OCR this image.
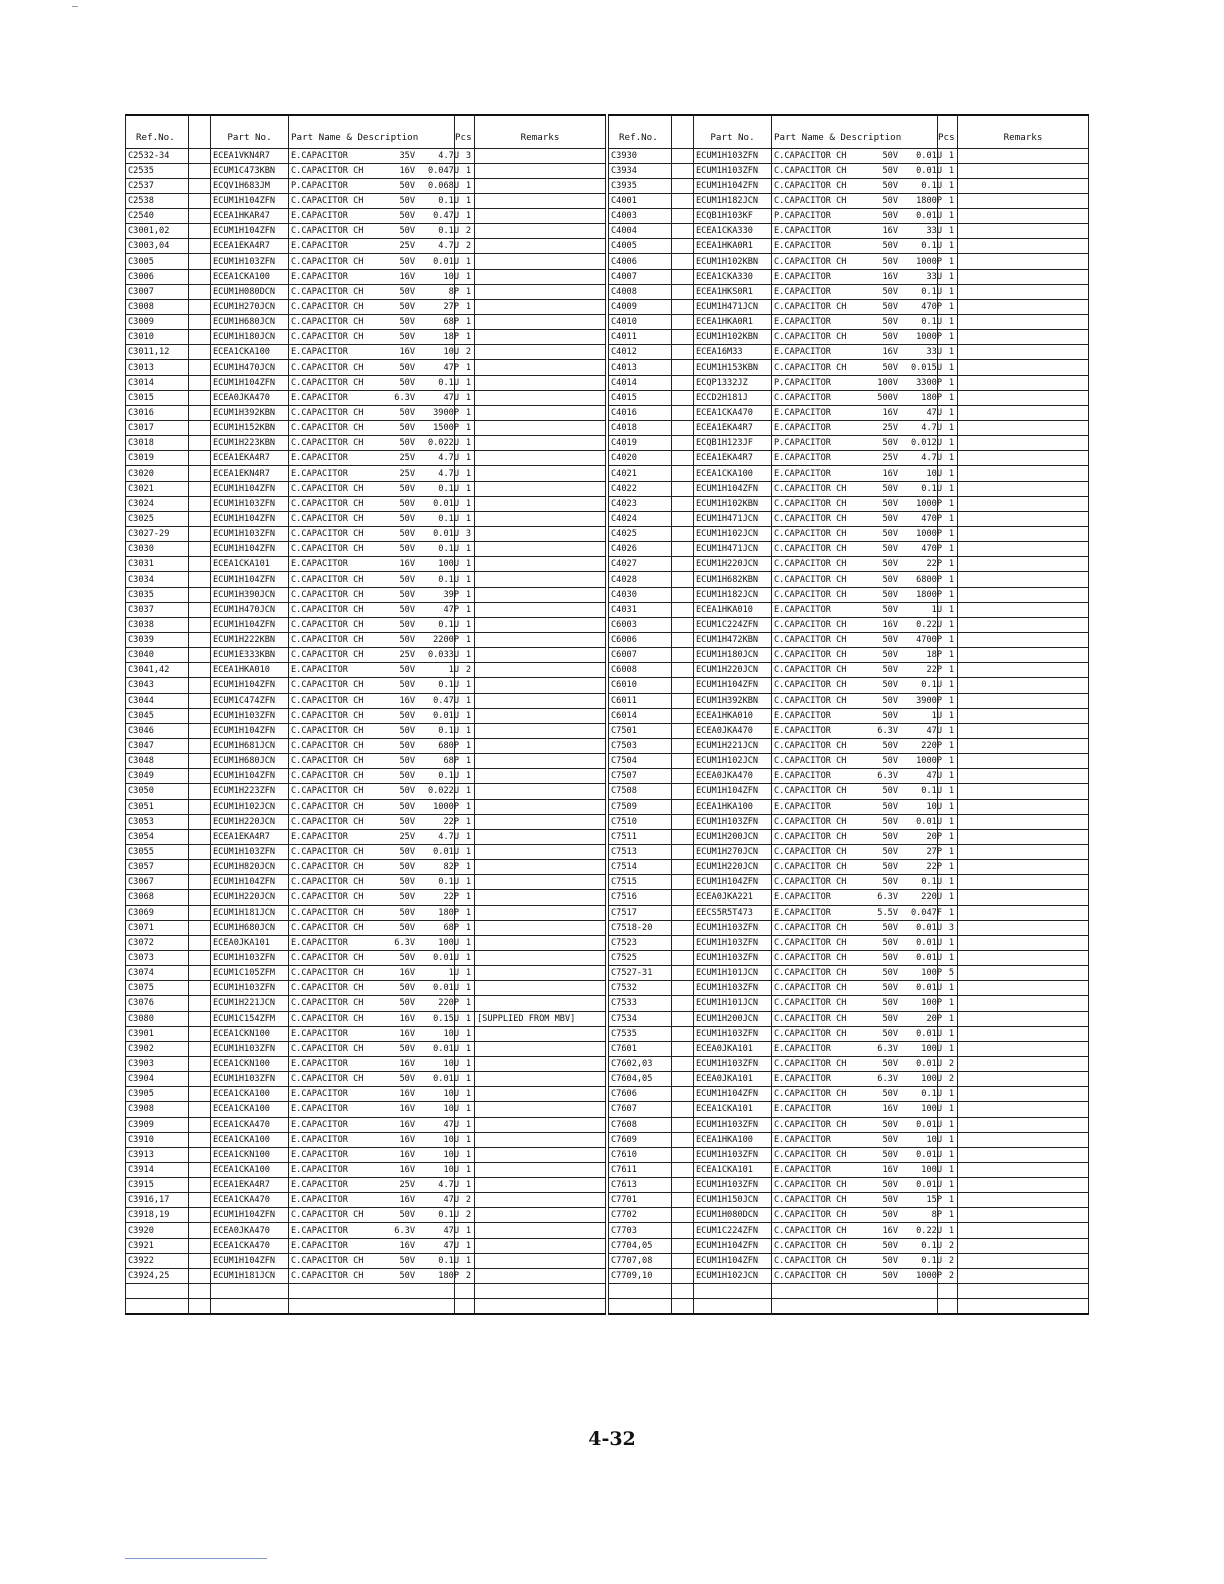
Ref.No.		Part No.	Part Name & Description	Pcs	Remarks
C2532-34		ECEA1VKN4R7	E.CAPACITOR 35V 4.7U	3	
C2535		ECUM1C473KBN	C.CAPACITOR CH 16V 0.047U	1	
C2537		ECQV1H683JM	P.CAPACITOR 50V 0.068U	1	
C2538		ECUM1H104ZFN	C.CAPACITOR CH 50V 0.1U	1	
C2540		ECEA1HKAR47	E.CAPACITOR 50V 0.47U	1	
C3001,02		ECUM1H104ZFN	C.CAPACITOR CH 50V 0.1U	2	
C3003,04		ECEA1EKA4R7	E.CAPACITOR 25V 4.7U	2	
C3005		ECUM1H103ZFN	C.CAPACITOR CH 50V 0.01U	1	
C3006		ECEA1CKA100	E.CAPACITOR 16V 10U	1	
C3007		ECUM1H080DCN	C.CAPACITOR CH 50V 8P	1	
C3008		ECUM1H270JCN	C.CAPACITOR CH 50V 27P	1	
C3009		ECUM1H680JCN	C.CAPACITOR CH 50V 68P	1	
C3010		ECUM1H180JCN	C.CAPACITOR CH 50V 18P	1	
C3011,12		ECEA1CKA100	E.CAPACITOR 16V 10U	2	
C3013		ECUM1H470JCN	C.CAPACITOR CH 50V 47P	1	
C3014		ECUM1H104ZFN	C.CAPACITOR CH 50V 0.1U	1	
C3015		ECEA0JKA470	E.CAPACITOR 6.3V 47U	1	
C3016		ECUM1H392KBN	C.CAPACITOR CH 50V 3900P	1	
C3017		ECUM1H152KBN	C.CAPACITOR CH 50V 1500P	1	
C3018		ECUM1H223KBN	C.CAPACITOR CH 50V 0.022U	1	
C3019		ECEA1EKA4R7	E.CAPACITOR 25V 4.7U	1	
C3020		ECEA1EKN4R7	E.CAPACITOR 25V 4.7U	1	
C3021		ECUM1H104ZFN	C.CAPACITOR CH 50V 0.1U	1	
C3024		ECUM1H103ZFN	C.CAPACITOR CH 50V 0.01U	1	
C3025		ECUM1H104ZFN	C.CAPACITOR CH 50V 0.1U	1	
C3027-29		ECUM1H103ZFN	C.CAPACITOR CH 50V 0.01U	3	
C3030		ECUM1H104ZFN	C.CAPACITOR CH 50V 0.1U	1	
C3031		ECEA1CKA101	E.CAPACITOR 16V 100U	1	
C3034		ECUM1H104ZFN	C.CAPACITOR CH 50V 0.1U	1	
C3035		ECUM1H390JCN	C.CAPACITOR CH 50V 39P	1	
C3037		ECUM1H470JCN	C.CAPACITOR CH 50V 47P	1	
C3038		ECUM1H104ZFN	C.CAPACITOR CH 50V 0.1U	1	
C3039		ECUM1H222KBN	C.CAPACITOR CH 50V 2200P	1	
C3040		ECUM1E333KBN	C.CAPACITOR CH 25V 0.033U	1	
C3041,42		ECEA1HKA010	E.CAPACITOR 50V 1U	2	
C3043		ECUM1H104ZFN	C.CAPACITOR CH 50V 0.1U	1	
C3044		ECUM1C474ZFN	C.CAPACITOR CH 16V 0.47U	1	
C3045		ECUM1H103ZFN	C.CAPACITOR CH 50V 0.01U	1	
C3046		ECUM1H104ZFN	C.CAPACITOR CH 50V 0.1U	1	
C3047		ECUM1H681JCN	C.CAPACITOR CH 50V 680P	1	
C3048		ECUM1H680JCN	C.CAPACITOR CH 50V 68P	1	
C3049		ECUM1H104ZFN	C.CAPACITOR CH 50V 0.1U	1	
C3050		ECUM1H223ZFN	C.CAPACITOR CH 50V 0.022U	1	
C3051		ECUM1H102JCN	C.CAPACITOR CH 50V 1000P	1	
C3053		ECUM1H220JCN	C.CAPACITOR CH 50V 22P	1	
C3054		ECEA1EKA4R7	E.CAPACITOR 25V 4.7U	1	
C3055		ECUM1H103ZFN	C.CAPACITOR CH 50V 0.01U	1	
C3057		ECUM1H820JCN	C.CAPACITOR CH 50V 82P	1	
C3067		ECUM1H104ZFN	C.CAPACITOR CH 50V 0.1U	1	
C3068		ECUM1H220JCN	C.CAPACITOR CH 50V 22P	1	
C3069		ECUM1H181JCN	C.CAPACITOR CH 50V 180P	1	
C3071		ECUM1H680JCN	C.CAPACITOR CH 50V 68P	1	
C3072		ECEA0JKA101	E.CAPACITOR 6.3V 100U	1	
C3073		ECUM1H103ZFN	C.CAPACITOR CH 50V 0.01U	1	
C3074		ECUM1C105ZFM	C.CAPACITOR CH 16V 1U	1	
C3075		ECUM1H103ZFN	C.CAPACITOR CH 50V 0.01U	1	
C3076		ECUM1H221JCN	C.CAPACITOR CH 50V 220P	1	
C3080		ECUM1C154ZFM	C.CAPACITOR CH 16V 0.15U	1	[SUPPLIED FROM MBV]
C3901		ECEA1CKN100	E.CAPACITOR 16V 10U	1	
C3902		ECUM1H103ZFN	C.CAPACITOR CH 50V 0.01U	1	
C3903		ECEA1CKN100	E.CAPACITOR 16V 10U	1	
C3904		ECUM1H103ZFN	C.CAPACITOR CH 50V 0.01U	1	
C3905		ECEA1CKA100	E.CAPACITOR 16V 10U	1	
C3908		ECEA1CKA100	E.CAPACITOR 16V 10U	1	
C3909		ECEA1CKA470	E.CAPACITOR 16V 47U	1	
C3910		ECEA1CKA100	E.CAPACITOR 16V 10U	1	
C3913		ECEA1CKN100	E.CAPACITOR 16V 10U	1	
C3914		ECEA1CKA100	E.CAPACITOR 16V 10U	1	
C3915		ECEA1EKA4R7	E.CAPACITOR 25V 4.7U	1	
C3916,17		ECEA1CKA470	E.CAPACITOR 16V 47U	2	
C3918,19		ECUM1H104ZFN	C.CAPACITOR CH 50V 0.1U	2	
C3920		ECEA0JKA470	E.CAPACITOR 6.3V 47U	1	
C3921		ECEA1CKA470	E.CAPACITOR 16V 47U	1	
C3922		ECUM1H104ZFN	C.CAPACITOR CH 50V 0.1U	1	
C3924,25		ECUM1H181JCN	C.CAPACITOR CH 50V 180P	2	

Ref.No.		Part No.	Part Name & Description	Pcs	Remarks
C3930		ECUM1H103ZFN	C.CAPACITOR CH 50V 0.01U	1	
C3934		ECUM1H103ZFN	C.CAPACITOR CH 50V 0.01U	1	
C3935		ECUM1H104ZFN	C.CAPACITOR CH 50V 0.1U	1	
C4001		ECUM1H182JCN	C.CAPACITOR CH 50V 1800P	1	
C4003		ECQB1H103KF	P.CAPACITOR 50V 0.01U	1	
C4004		ECEA1CKA330	E.CAPACITOR 16V 33U	1	
C4005		ECEA1HKA0R1	E.CAPACITOR 50V 0.1U	1	
C4006		ECUM1H102KBN	C.CAPACITOR CH 50V 1000P	1	
C4007		ECEA1CKA330	E.CAPACITOR 16V 33U	1	
C4008		ECEA1HKS0R1	E.CAPACITOR 50V 0.1U	1	
C4009		ECUM1H471JCN	C.CAPACITOR CH 50V 470P	1	
C4010		ECEA1HKA0R1	E.CAPACITOR 50V 0.1U	1	
C4011		ECUM1H102KBN	C.CAPACITOR CH 50V 1000P	1	
C4012		ECEA16M33	E.CAPACITOR 16V 33U	1	
C4013		ECUM1H153KBN	C.CAPACITOR CH 50V 0.015U	1	
C4014		ECQP1332JZ	P.CAPACITOR 100V 3300P	1	
C4015		ECCD2H181J	C.CAPACITOR 500V 180P	1	
C4016		ECEA1CKA470	E.CAPACITOR 16V 47U	1	
C4018		ECEA1EKA4R7	E.CAPACITOR 25V 4.7U	1	
C4019		ECQB1H123JF	P.CAPACITOR 50V 0.012U	1	
C4020		ECEA1EKA4R7	E.CAPACITOR 25V 4.7U	1	
C4021		ECEA1CKA100	E.CAPACITOR 16V 10U	1	
C4022		ECUM1H104ZFN	C.CAPACITOR CH 50V 0.1U	1	
C4023		ECUM1H102KBN	C.CAPACITOR CH 50V 1000P	1	
C4024		ECUM1H471JCN	C.CAPACITOR CH 50V 470P	1	
C4025		ECUM1H102JCN	C.CAPACITOR CH 50V 1000P	1	
C4026		ECUM1H471JCN	C.CAPACITOR CH 50V 470P	1	
C4027		ECUM1H220JCN	C.CAPACITOR CH 50V 22P	1	
C4028		ECUM1H682KBN	C.CAPACITOR CH 50V 6800P	1	
C4030		ECUM1H182JCN	C.CAPACITOR CH 50V 1800P	1	
C4031		ECEA1HKA010	E.CAPACITOR 50V 1U	1	
C6003		ECUM1C224ZFN	C.CAPACITOR CH 16V 0.22U	1	
C6006		ECUM1H472KBN	C.CAPACITOR CH 50V 4700P	1	
C6007		ECUM1H180JCN	C.CAPACITOR CH 50V 18P	1	
C6008		ECUM1H220JCN	C.CAPACITOR CH 50V 22P	1	
C6010		ECUM1H104ZFN	C.CAPACITOR CH 50V 0.1U	1	
C6011		ECUM1H392KBN	C.CAPACITOR CH 50V 3900P	1	
C6014		ECEA1HKA010	E.CAPACITOR 50V 1U	1	
C7501		ECEA0JKA470	E.CAPACITOR 6.3V 47U	1	
C7503		ECUM1H221JCN	C.CAPACITOR CH 50V 220P	1	
C7504		ECUM1H102JCN	C.CAPACITOR CH 50V 1000P	1	
C7507		ECEA0JKA470	E.CAPACITOR 6.3V 47U	1	
C7508		ECUM1H104ZFN	C.CAPACITOR CH 50V 0.1U	1	
C7509		ECEA1HKA100	E.CAPACITOR 50V 10U	1	
C7510		ECUM1H103ZFN	C.CAPACITOR CH 50V 0.01U	1	
C7511		ECUM1H200JCN	C.CAPACITOR CH 50V 20P	1	
C7513		ECUM1H270JCN	C.CAPACITOR CH 50V 27P	1	
C7514		ECUM1H220JCN	C.CAPACITOR CH 50V 22P	1	
C7515		ECUM1H104ZFN	C.CAPACITOR CH 50V 0.1U	1	
C7516		ECEA0JKA221	E.CAPACITOR 6.3V 220U	1	
C7517		EECS5R5T473	E.CAPACITOR 5.5V 0.047F	1	
C7518-20		ECUM1H103ZFN	C.CAPACITOR CH 50V 0.01U	3	
C7523		ECUM1H103ZFN	C.CAPACITOR CH 50V 0.01U	1	
C7525		ECUM1H103ZFN	C.CAPACITOR CH 50V 0.01U	1	
C7527-31		ECUM1H101JCN	C.CAPACITOR CH 50V 100P	5	
C7532		ECUM1H103ZFN	C.CAPACITOR CH 50V 0.01U	1	
C7533		ECUM1H101JCN	C.CAPACITOR CH 50V 100P	1	
C7534		ECUM1H200JCN	C.CAPACITOR CH 50V 20P	1	
C7535		ECUM1H103ZFN	C.CAPACITOR CH 50V 0.01U	1	
C7601		ECEA0JKA101	E.CAPACITOR 6.3V 100U	1	
C7602,03		ECUM1H103ZFN	C.CAPACITOR CH 50V 0.01U	2	
C7604,05		ECEA0JKA101	E.CAPACITOR 6.3V 100U	2	
C7606		ECUM1H104ZFN	C.CAPACITOR CH 50V 0.1U	1	
C7607		ECEA1CKA101	E.CAPACITOR 16V 100U	1	
C7608		ECUM1H103ZFN	C.CAPACITOR CH 50V 0.01U	1	
C7609		ECEA1HKA100	E.CAPACITOR 50V 10U	1	
C7610		ECUM1H103ZFN	C.CAPACITOR CH 50V 0.01U	1	
C7611		ECEA1CKA101	E.CAPACITOR 16V 100U	1	
C7613		ECUM1H103ZFN	C.CAPACITOR CH 50V 0.01U	1	
C7701		ECUM1H150JCN	C.CAPACITOR CH 50V 15P	1	
C7702		ECUM1H080DCN	C.CAPACITOR CH 50V 8P	1	
C7703		ECUM1C224ZFN	C.CAPACITOR CH 16V 0.22U	1	
C7704,05		ECUM1H104ZFN	C.CAPACITOR CH 50V 0.1U	2	
C7707,08		ECUM1H104ZFN	C.CAPACITOR CH 50V 0.1U	2	
C7709,10		ECUM1H102JCN	C.CAPACITOR CH 50V 1000P	2	

4-32
